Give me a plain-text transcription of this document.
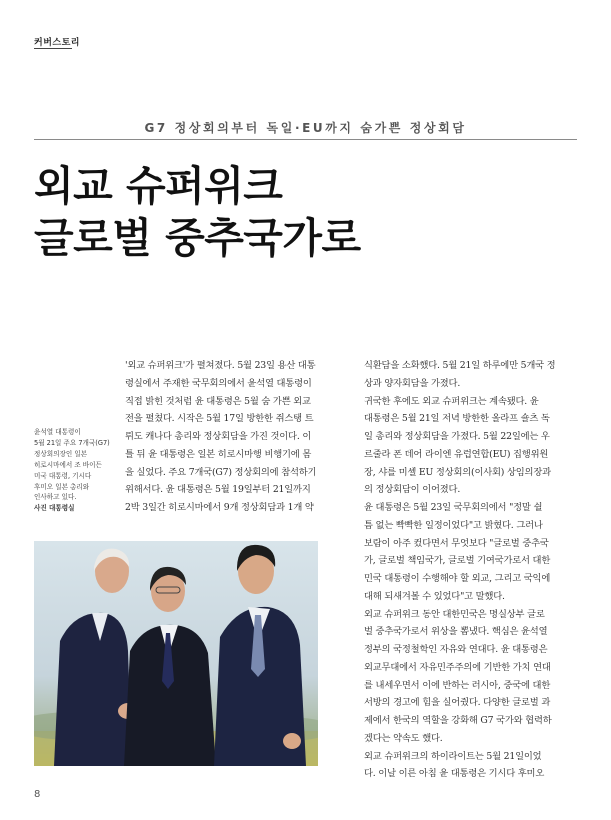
커버스토리
G7 정상회의부터 독일·EU까지 숨가쁜 정상회담
외교 슈퍼위크
글로벌 중추국가로
윤석열 대통령이
5월 21일 주요 7개국(G7)
정상회의장인 일본
히로시마에서 조 바이든
미국 대통령, 기시다
후미오 일본 총리와
인사하고 있다.
사진 대통령실
'외교 슈퍼위크'가 펼쳐졌다. 5월 23일 용산 대통
령실에서 주재한 국무회의에서 윤석열 대통령이
직접 밝힌 것처럼 윤 대통령은 5월 숨 가쁜 외교
전을 펼쳤다. 시작은 5월 17일 방한한 쥐스탱 트
뤼도 캐나다 총리와 정상회담을 가진 것이다. 이
틀 뒤 윤 대통령은 일본 히로시마행 비행기에 몸
을 실었다. 주요 7개국(G7) 정상회의에 참석하기
위해서다. 윤 대통령은 5월 19일부터 21일까지
2박 3일간 히로시마에서 9개 정상회담과 1개 약
식환담을 소화했다. 5월 21일 하루에만 5개국 정
상과 양자회담을 가졌다.
귀국한 후에도 외교 슈퍼위크는 계속됐다. 윤
대통령은 5월 21일 저녁 방한한 올라프 숄츠 독
일 총리와 정상회담을 가졌다. 5월 22일에는 우
르줄라 폰 데어 라이엔 유럽연합(EU) 집행위원
장, 샤를 미셸 EU 정상회의(이사회) 상임의장과
의 정상회담이 이어졌다.
윤 대통령은 5월 23일 국무회의에서 "정말 쉴
틈 없는 빡빡한 일정이었다"고 밝혔다. 그러나
보람이 아주 컸다면서 무엇보다 "글로벌 중추국
가, 글로벌 책임국가, 글로벌 기여국가로서 대한
민국 대통령이 수행해야 할 외교, 그리고 국익에
대해 되새겨볼 수 있었다"고 말했다.
외교 슈퍼위크 동안 대한민국은 명실상부 글로
벌 중추국가로서 위상을 뽐냈다. 핵심은 윤석열
정부의 국정철학인 자유와 연대다. 윤 대통령은
외교무대에서 자유민주주의에 기반한 가치 연대
를 내세우면서 이에 반하는 러시아, 중국에 대한
서방의 경고에 힘을 실어줬다. 다양한 글로벌 과
제에서 한국의 역할을 강화해 G7 국가와 협력하
겠다는 약속도 했다.
외교 슈퍼위크의 하이라이트는 5월 21일이었
다. 이날 이른 아침 윤 대통령은 기시다 후미오
8
